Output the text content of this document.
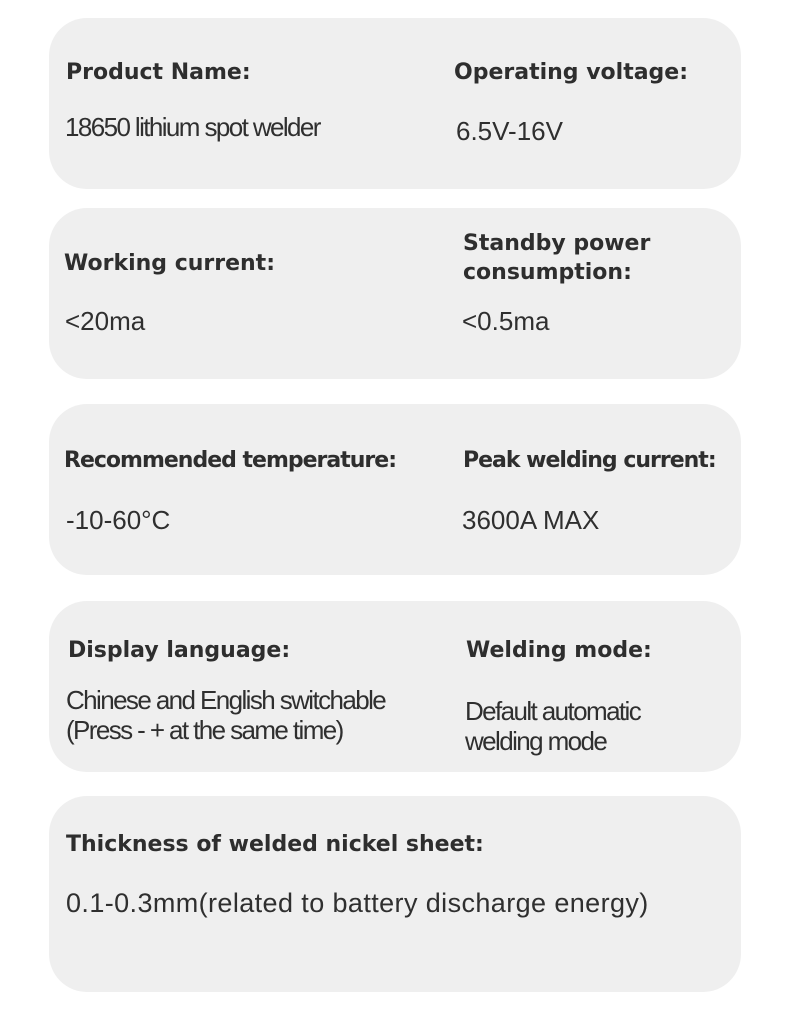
Product Name:
18650 lithium spot welder
Operating voltage:
6.5V-16V
Working current:
<20ma
Standby power consumption:
<0.5ma
Recommended temperature:
-10-60°C
Peak welding current:
3600A MAX
Display language:
Chinese and English switchable
(Press - + at the same time)
Welding mode:
Default automatic
welding mode
Thickness of welded nickel sheet:
0.1-0.3mm(related to battery discharge energy)
